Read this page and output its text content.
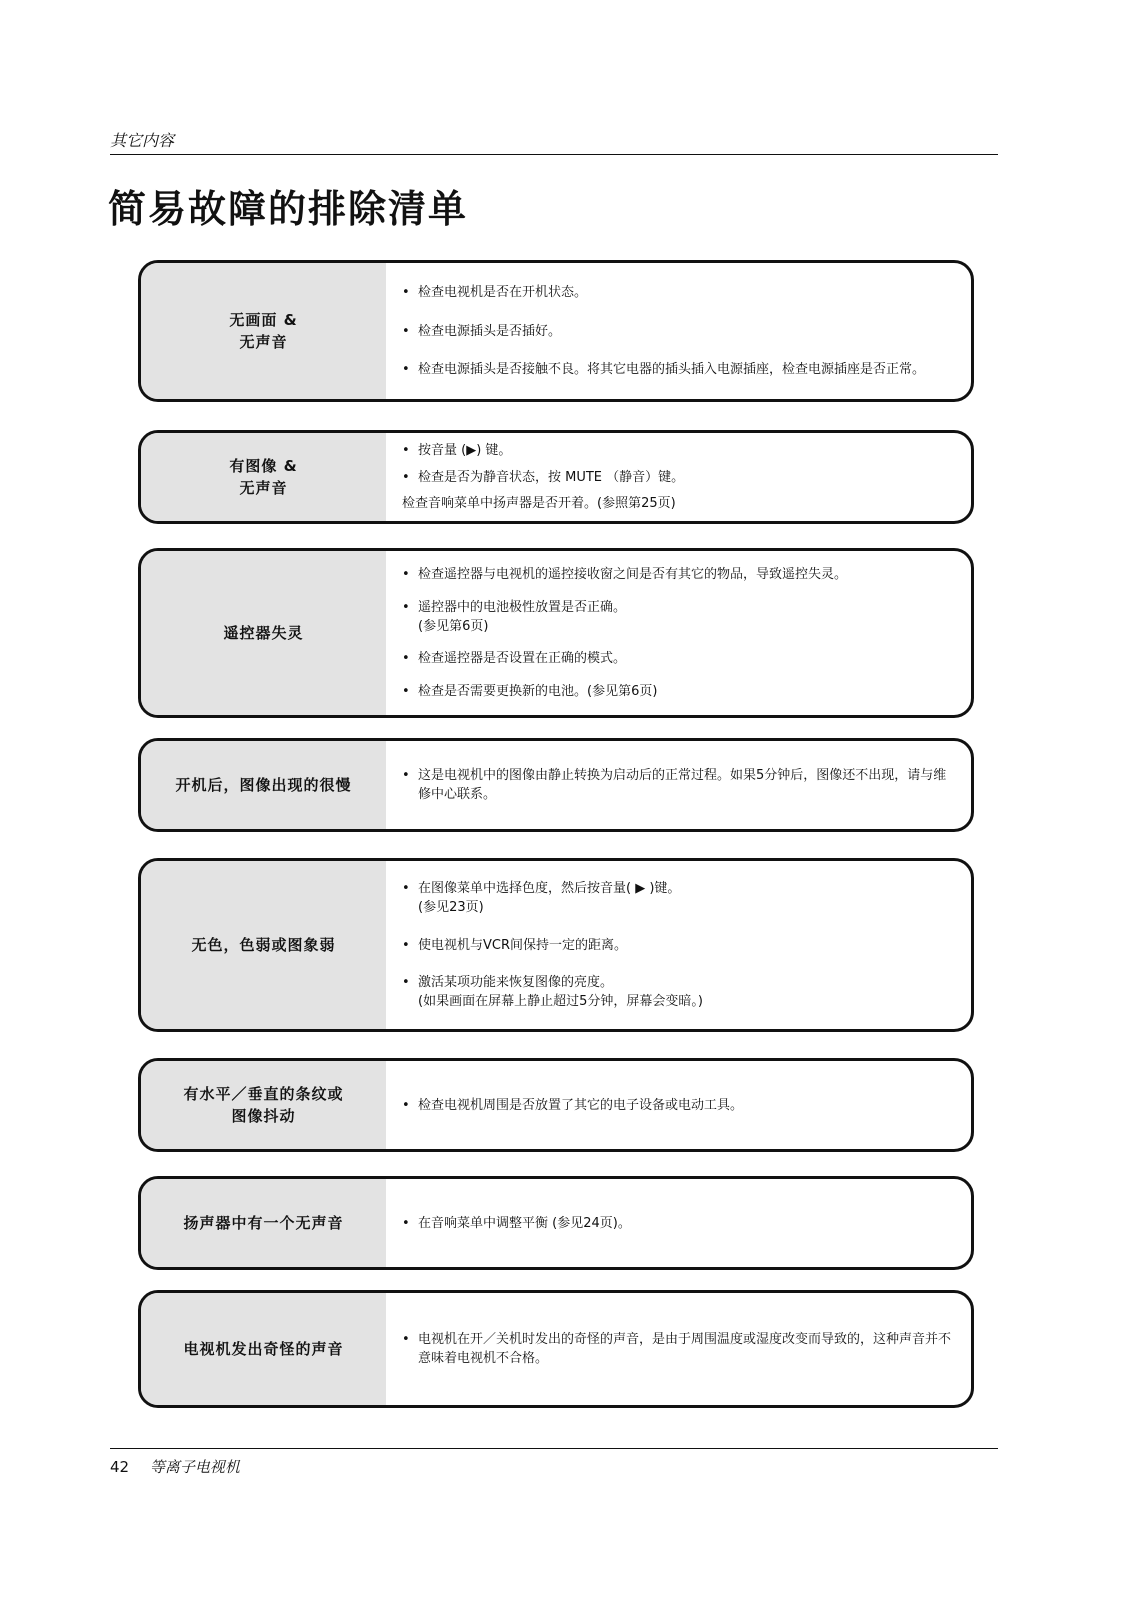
其它内容
简易故障的排除清单
无画面 &
无声音
• 检查电视机是否在开机状态。
• 检查电源插头是否插好。
• 检查电源插头是否接触不良。将其它电器的插头插入电源插座，检查电源插座是否正常。
有图像 &
无声音
• 按音量 (▶) 键。
• 检查是否为静音状态，按 MUTE （静音）键。
检查音响菜单中扬声器是否开着。(参照第25页)
遥控器失灵
• 检查遥控器与电视机的遥控接收窗之间是否有其它的物品，导致遥控失灵。
• 遥控器中的电池极性放置是否正确。
(参见第6页)
• 检查遥控器是否设置在正确的模式。
• 检查是否需要更换新的电池。(参见第6页)
开机后，图像出现的很慢
• 这是电视机中的图像由静止转换为启动后的正常过程。如果5分钟后，图像还不出现，请与维修中心联系。
无色，色弱或图象弱
• 在图像菜单中选择色度，然后按音量( ▶ )键。
(参见23页)
• 使电视机与VCR间保持一定的距离。
• 激活某项功能来恢复图像的亮度。
(如果画面在屏幕上静止超过5分钟，屏幕会变暗。)
有水平／垂直的条纹或
图像抖动
• 检查电视机周围是否放置了其它的电子设备或电动工具。
扬声器中有一个无声音
•	在音响菜单中调整平衡 (参见24页)。
电视机发出奇怪的声音
• 电视机在开／关机时发出的奇怪的声音，是由于周围温度或湿度改变而导致的，这种声音并不意味着电视机不合格。
42 等离子电视机
